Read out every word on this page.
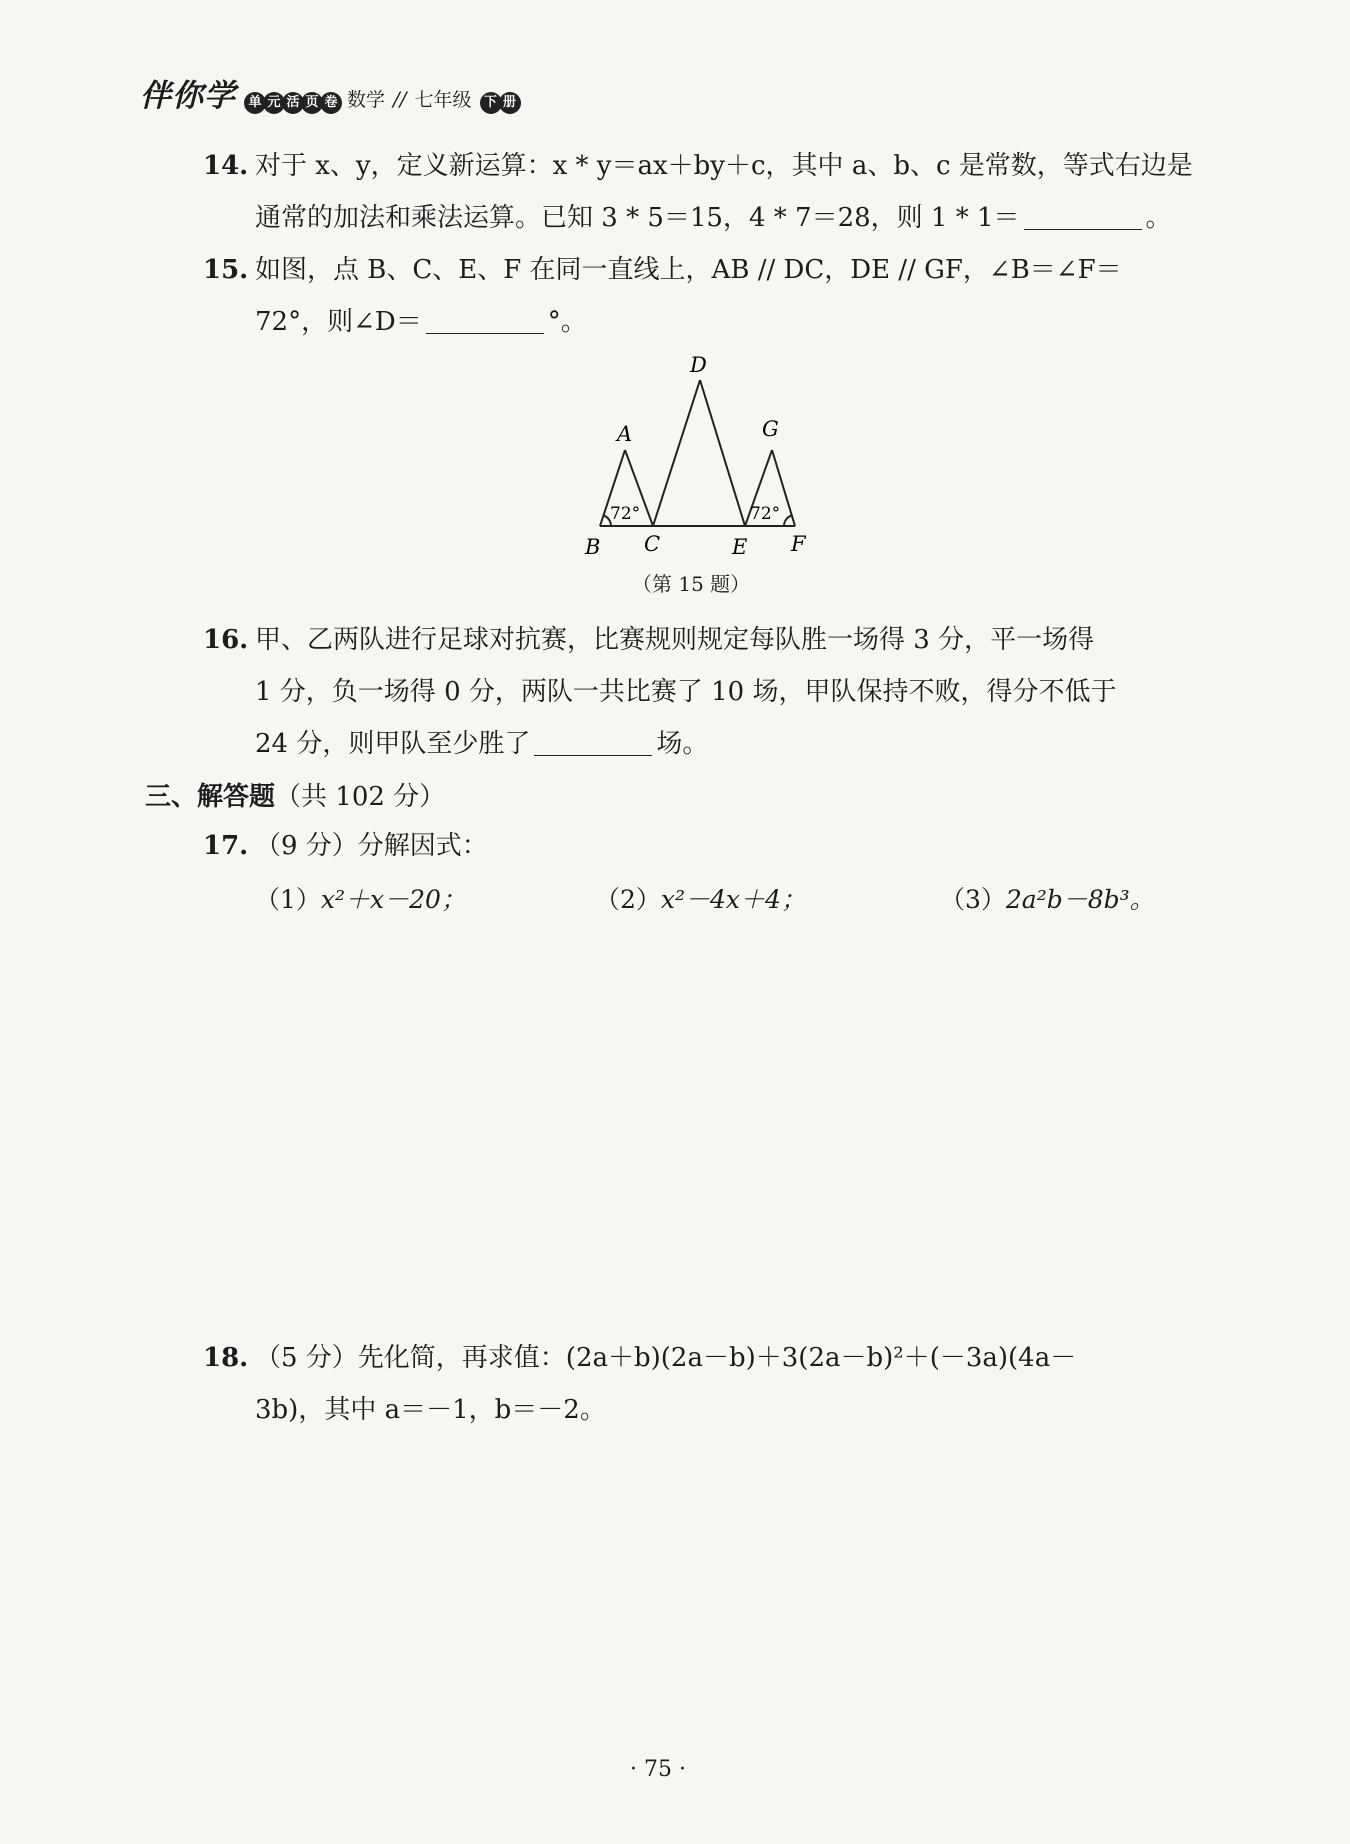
伴你学 单 元 活 页 卷 数学 // 七年级 下 册
14. 对于 x、y，定义新运算：x * y＝ax＋by＋c，其中 a、b、c 是常数，等式右边是
通常的加法和乘法运算。已知 3 * 5＝15，4 * 7＝28，则 1 * 1＝	。
15. 如图，点 B、C、E、F 在同一直线上，AB // DC，DE // GF，∠B＝∠F＝
72°，则∠D＝	°。
A
B C
D
E F
G
72°	72°
（第 15 题）
16. 甲、乙两队进行足球对抗赛，比赛规则规定每队胜一场得 3 分，平一场得
1 分，负一场得 0 分，两队一共比赛了 10 场，甲队保持不败，得分不低于
24 分，则甲队至少胜了	场。
三、解答题（共 102 分）
17. （9 分）分解因式：
（1）x²＋x－20；	（2）x²－4x＋4；	（3）2a²b－8b³。
18. （5 分）先化简，再求值：(2a＋b)(2a－b)＋3(2a－b)²＋(－3a)(4a－
3b)，其中 a＝－1，b＝－2。
· 75 ·
